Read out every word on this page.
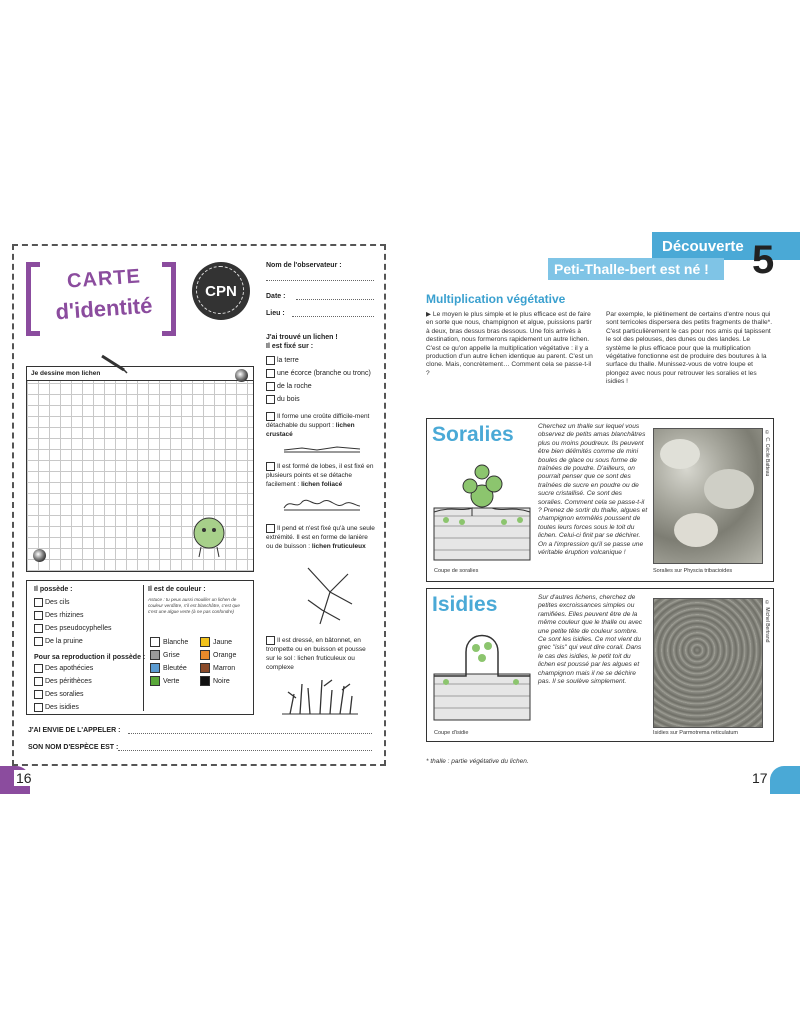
CARTE
d'identité
CPN
Nom de l'observateur :
Date :
Lieu :
J'ai trouvé un lichen !
Il est fixé sur :
la terre
une écorce (branche ou tronc)
de la roche
du bois
Il forme une croûte difficile-ment détachable du support : lichen crustacé
Il est formé de lobes, il est fixé en plusieurs points et se détache facilement : lichen foliacé
Il pend et n'est fixé qu'à une seule extrémité. Il est en forme de lanière ou de buisson : lichen fruticuleux
Il est dressé, en bâtonnet, en trompette ou en buisson et pousse sur le sol : lichen fruticuleux ou complexe
Je dessine mon lichen
Il possède :
Des cils
Des rhizines
Des pseudocyphelles
De la pruine
Pour sa reproduction il possède :
Des apothécies
Des périthèces
Des soralies
Des isidies
Il est de couleur :
Astuce : tu peux aussi mouiller un lichen de couleur verdâtre, s'il est blanchâtre, c'est que c'est une algue verte (à ne pas confondre)
Blanche	Jaune
Grise	Orange
Bleutée	Marron
Verte	Noire
J'AI ENVIE DE L'APPELER :
SON NOM D'ESPÈCE EST :
16
Découverte 5
Peti-Thalle-bert est né !
Multiplication végétative
▶ Le moyen le plus simple et le plus efficace est de faire en sorte que nous, champignon et algue, puissions partir à deux, bras dessus bras dessous. Une fois arrivés à destination, nous formerons rapidement un autre lichen. C'est ce qu'on appelle la multiplication végétative : il y a production d'un autre lichen identique au parent. C'est un clone. Mais, concrètement… Comment cela se passe-t-il ?
Par exemple, le piétinement de certains d'entre nous qui sont terricoles dispersera des petits fragments de thalle*. C'est particulièrement le cas pour nos amis qui tapissent le sol des pelouses, des dunes ou des landes. Le système le plus efficace pour que la multiplication végétative fonctionne est de produire des boutures à la surface du thalle. Munissez-vous de votre loupe et plongez avec nous pour retrouver les soralies et les isidies !
Soralies
Coupe de soralies
Cherchez un thalle sur lequel vous observez de petits amas blanchâtres plus ou moins poudreux. Ils peuvent être bien délimités comme de mini boules de glace ou sous forme de traînées de poudre. D'ailleurs, on pourrait penser que ce sont des traînées de sucre en poudre ou de sucre cristallisé. Ce sont des soralies. Comment cela se passe-t-il ? Prenez de sortir du thalle, algues et champignon emmêlés poussent de toutes leurs forces sous le toit du lichen. Celui-ci finit par se déchirer. On a l'impression qu'il se passe une véritable éruption volcanique !
Soralies sur Physcia tribacioides
© C. Cécile Batteau
Isidies
Coupe d'isidie
Sur d'autres lichens, cherchez de petites excroissances simples ou ramifiées. Elles peuvent être de la même couleur que le thalle ou avec une petite tête de couleur sombre. Ce sont les isidies. Ce mot vient du grec "isis" qui veut dire corail. Dans le cas des isidies, le petit toit du lichen est poussé par les algues et champignon mais il ne se déchire pas. Il se soulève simplement.
Isidies sur Parmotrema reticulatum
© Michel Bertrand
* thalle : partie végétative du lichen.
17
